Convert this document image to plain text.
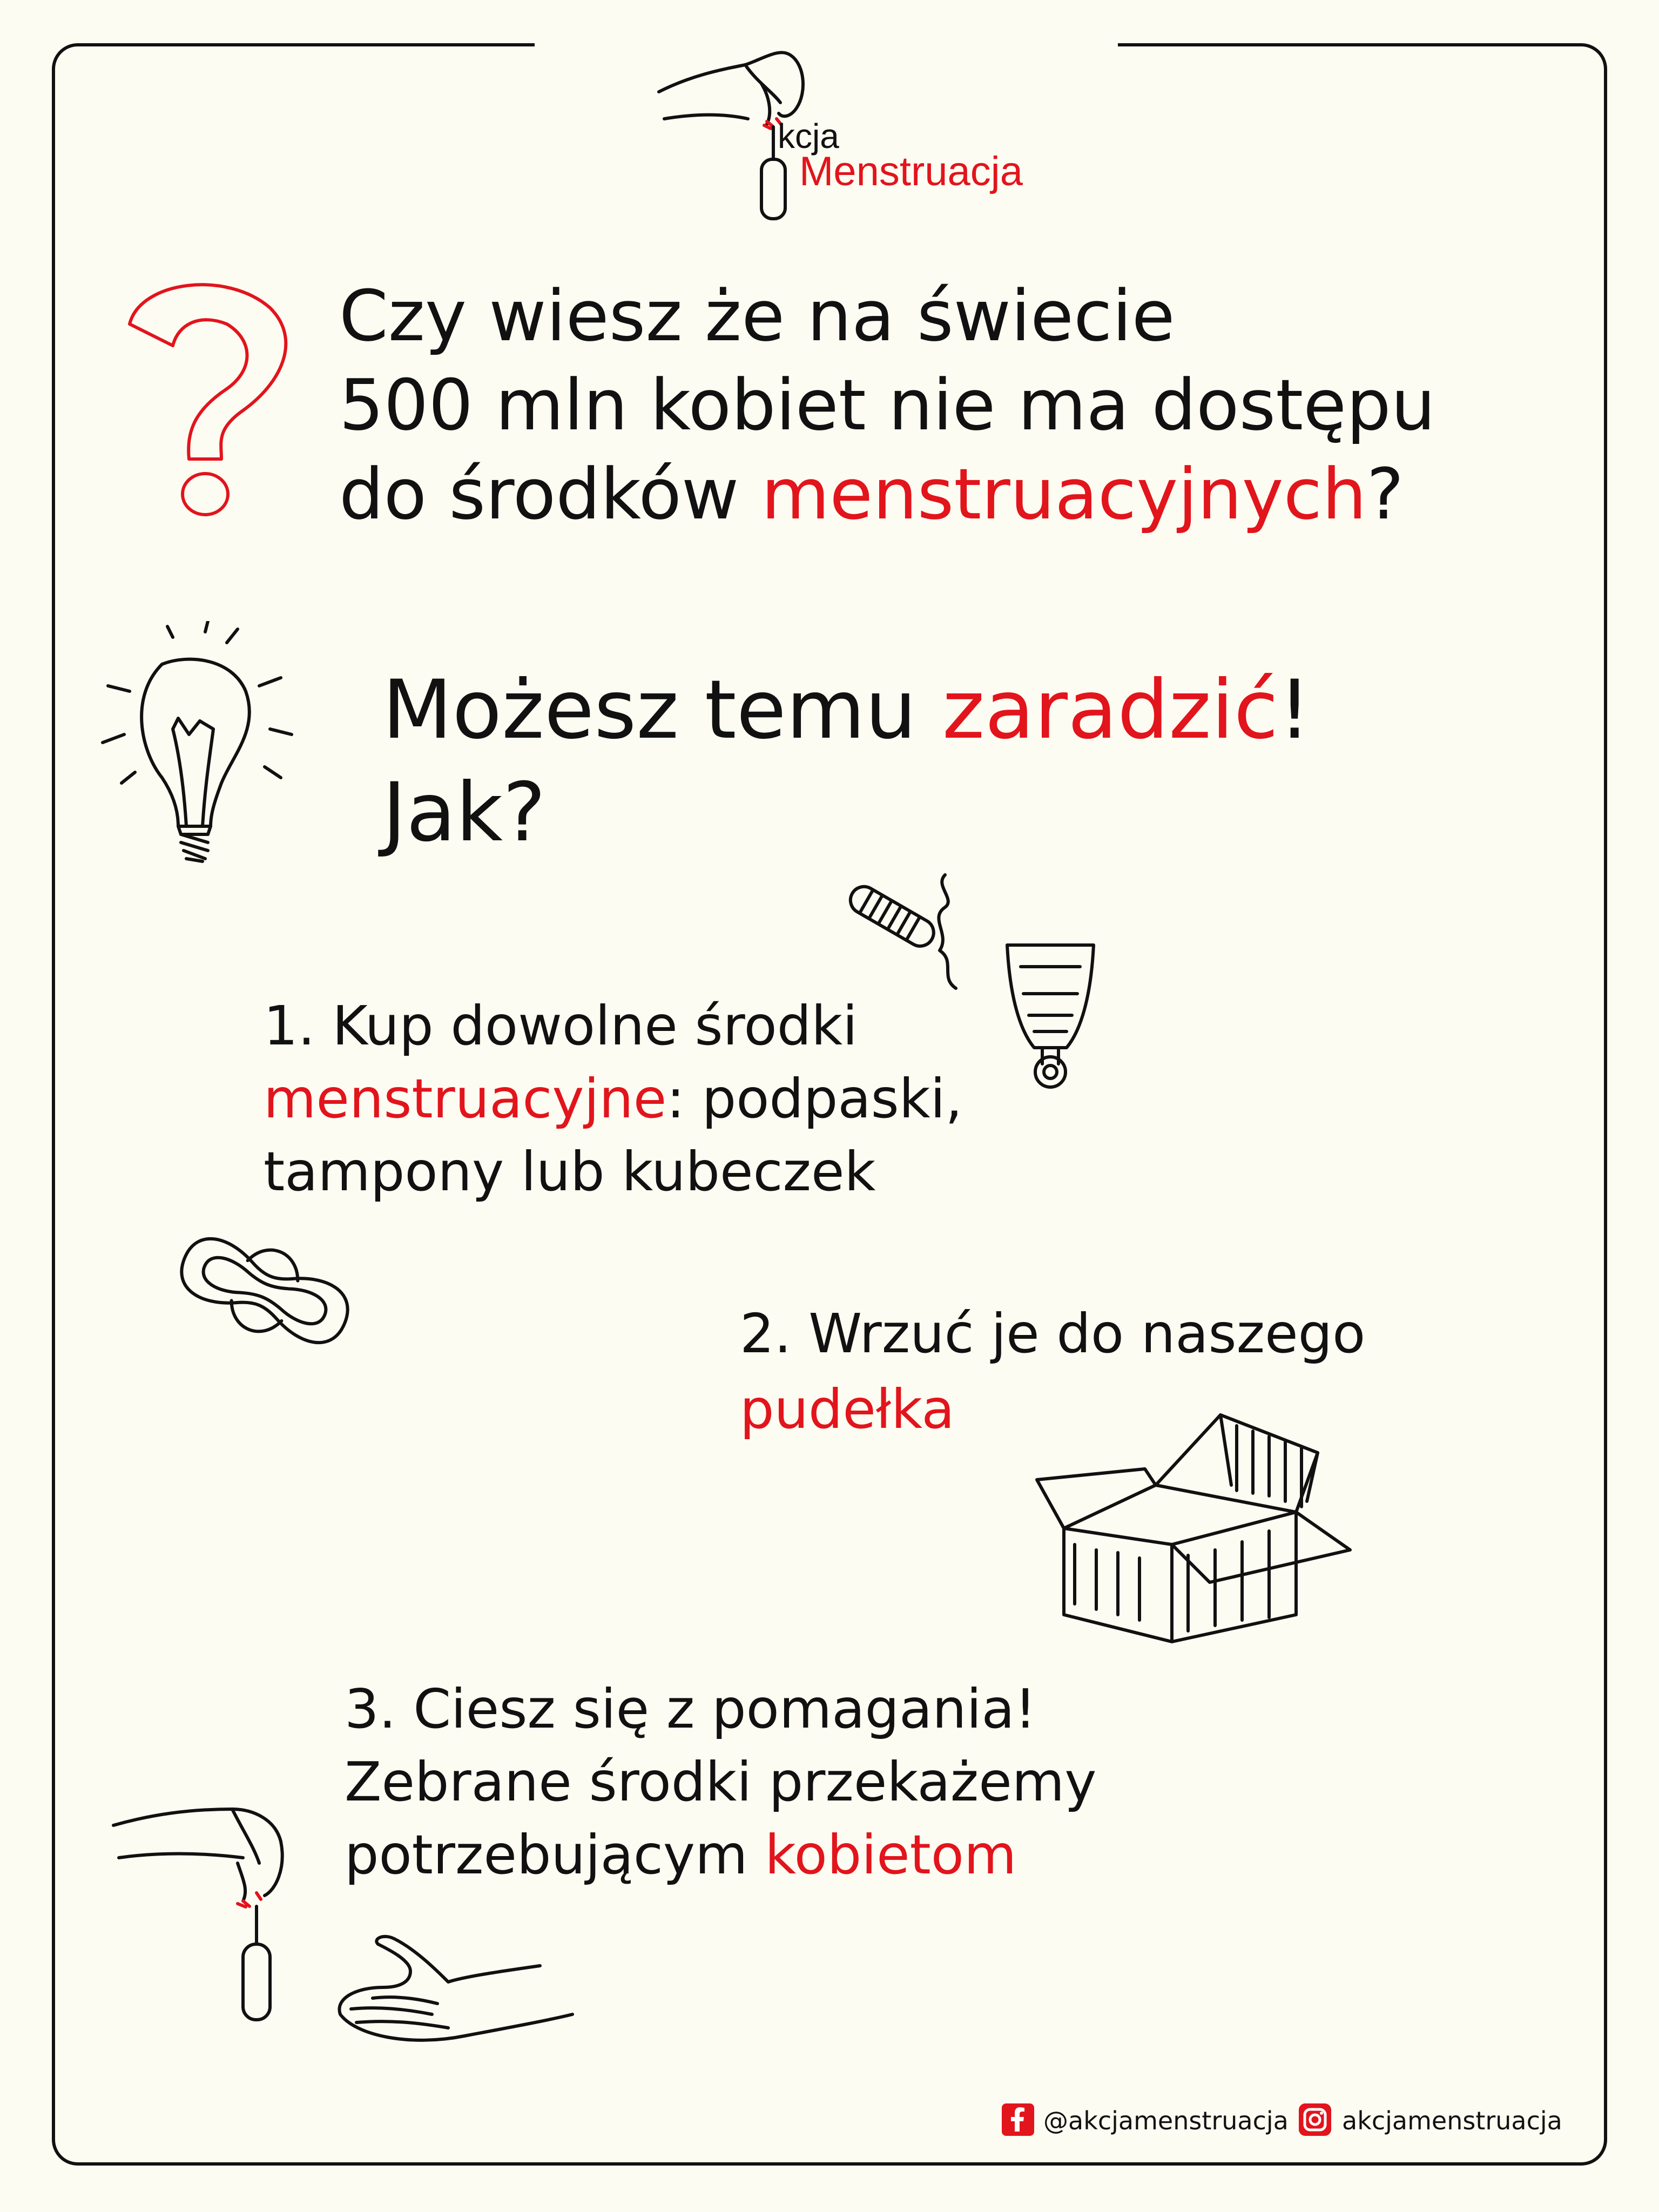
kcja
Menstruacja
Czy wiesz że na świecie
500 mln kobiet nie ma dostępu
do środków menstruacyjnych?
Możesz temu zaradzić!
Jak?
1. Kup dowolne środki
menstruacyjne: podpaski,
tampony lub kubeczek
2. Wrzuć je do naszego
pudełka
3. Ciesz się z pomagania!
Zebrane środki przekażemy
potrzebującym kobietom
@akcjamenstruacja akcjamenstruacja
